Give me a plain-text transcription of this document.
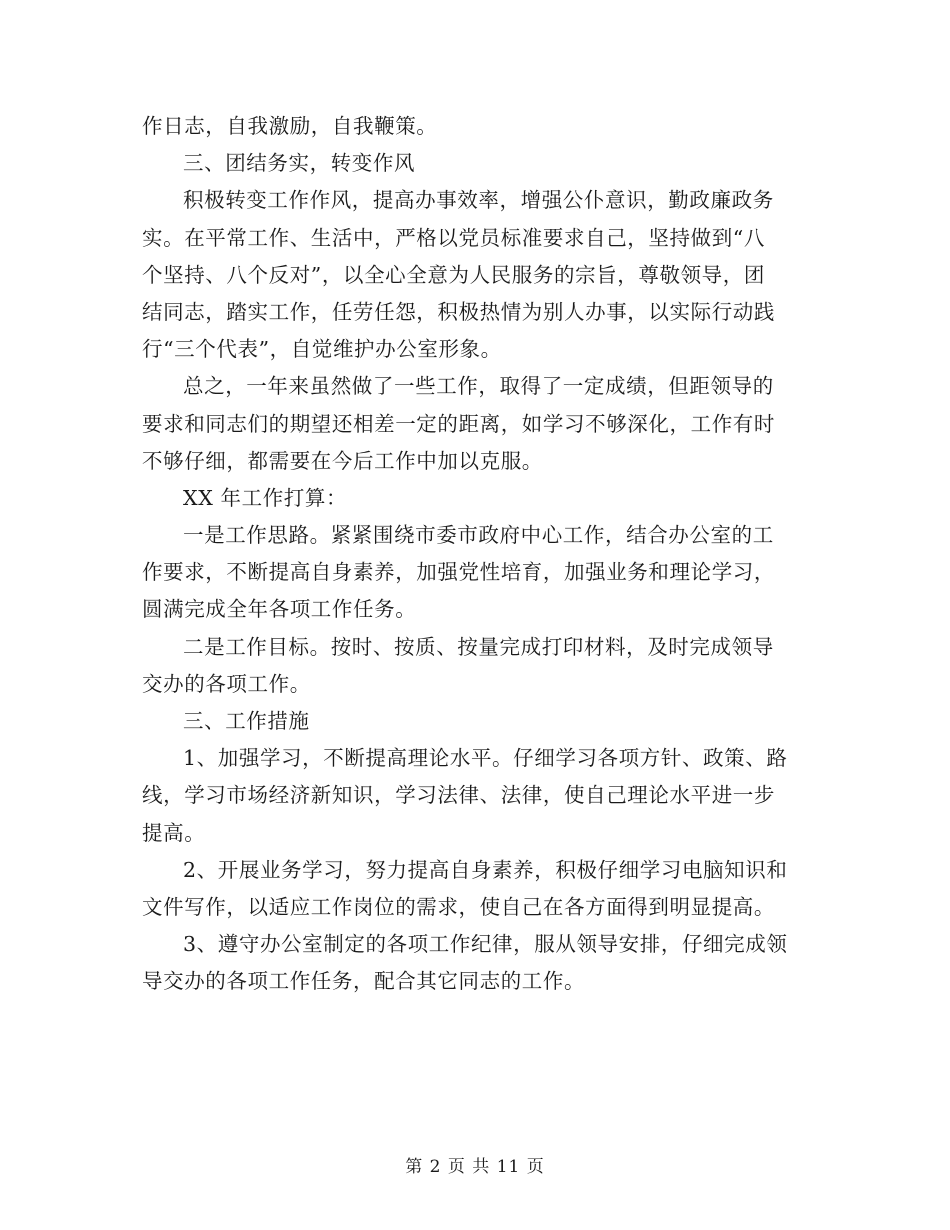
作日志，自我激励，自我鞭策。
三、团结务实，转变作风
积极转变工作作风，提高办事效率，增强公仆意识，勤政廉政务
实。在平常工作、生活中，严格以党员标准要求自己，坚持做到“八
个坚持、八个反对”，以全心全意为人民服务的宗旨，尊敬领导，团
结同志，踏实工作，任劳任怨，积极热情为别人办事，以实际行动践
行“三个代表”，自觉维护办公室形象。
总之，一年来虽然做了一些工作，取得了一定成绩，但距领导的
要求和同志们的期望还相差一定的距离，如学习不够深化，工作有时
不够仔细，都需要在今后工作中加以克服。
XX 年工作打算：
一是工作思路。紧紧围绕市委市政府中心工作，结合办公室的工
作要求，不断提高自身素养，加强党性培育，加强业务和理论学习，
圆满完成全年各项工作任务。
二是工作目标。按时、按质、按量完成打印材料，及时完成领导
交办的各项工作。
三、工作措施
1、加强学习，不断提高理论水平。仔细学习各项方针、政策、路
线，学习市场经济新知识，学习法律、法律，使自己理论水平进一步
提高。
2、开展业务学习，努力提高自身素养，积极仔细学习电脑知识和
文件写作，以适应工作岗位的需求，使自己在各方面得到明显提高。
3、遵守办公室制定的各项工作纪律，服从领导安排，仔细完成领
导交办的各项工作任务，配合其它同志的工作。
第 2 页 共 11 页
